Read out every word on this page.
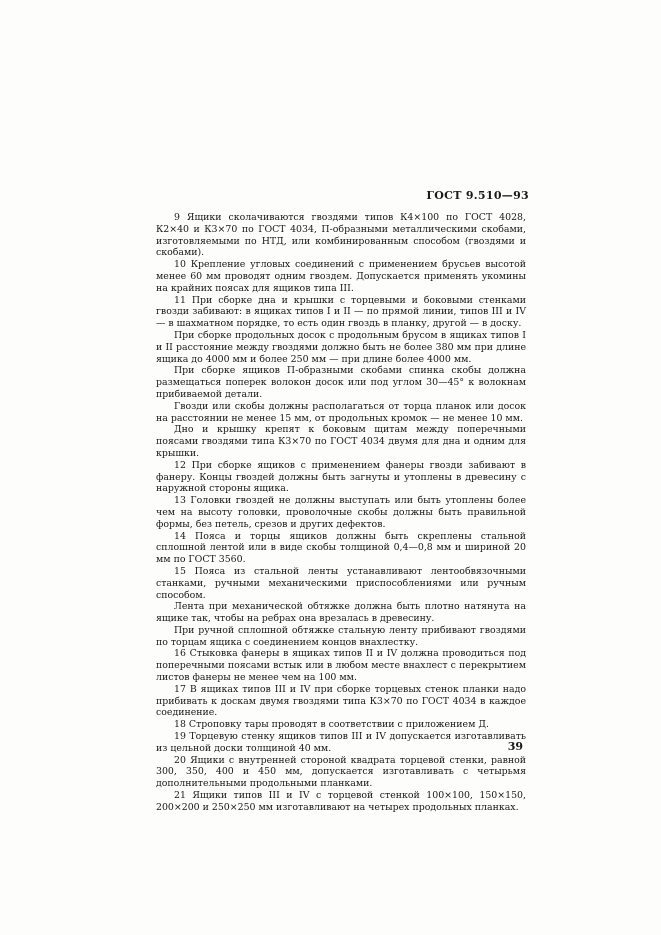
ГОСТ 9.510—93

9 Ящики сколачиваются гвоздями типов К4×100 по ГОСТ 4028, К2×40 и К3×70 по ГОСТ 4034, П-образными металлическими скобами, изготовляемыми по НТД, или комбинированным способом (гвоздями и скобами).

10 Крепление угловых соединений с применением брусьев высотой менее 60 мм проводят одним гвоздем. Допускается применять укомины на крайних поясах для ящиков типа III.

11 При сборке дна и крышки с торцевыми и боковыми стенками гвозди забивают: в ящиках типов I и II — по прямой линии, типов III и IV — в шахматном порядке, то есть один гвоздь в планку, другой — в доску.

При сборке продольных досок с продольным брусом в ящиках типов I и II расстояние между гвоздями должно быть не более 380 мм при длине ящика до 4000 мм и более 250 мм — при длине более 4000 мм.

При сборке ящиков П-образными скобами спинка скобы должна размещаться поперек волокон досок или под углом 30—45° к волокнам прибиваемой детали.

Гвозди или скобы должны располагаться от торца планок или досок на расстоянии не менее 15 мм, от продольных кромок — не менее 10 мм.

Дно и крышку крепят к боковым щитам между поперечными поясами гвоздями типа К3×70 по ГОСТ 4034 двумя для дна и одним для крышки.

12 При сборке ящиков с применением фанеры гвозди забивают в фанеру. Концы гвоздей должны быть загнуты и утоплены в древесину с наружной стороны ящика.

13 Головки гвоздей не должны выступать или быть утоплены более чем на высоту головки, проволочные скобы должны быть правильной формы, без петель, срезов и других дефектов.

14 Пояса и торцы ящиков должны быть скреплены стальной сплошной лентой или в виде скобы толщиной 0,4—0,8 мм и шириной 20 мм по ГОСТ 3560.

15 Пояса из стальной ленты устанавливают лентообвязочными станками, ручными механическими приспособлениями или ручным способом.

Лента при механической обтяжке должна быть плотно натянута на ящике так, чтобы на ребрах она врезалась в древесину.

При ручной сплошной обтяжке стальную ленту прибивают гвоздями по торцам ящика с соединением концов внахлестку.

16 Стыковка фанеры в ящиках типов II и IV должна проводиться под поперечными поясами встык или в любом месте внахлест с перекрытием листов фанеры не менее чем на 100 мм.

17 В ящиках типов III и IV при сборке торцевых стенок планки надо прибивать к доскам двумя гвоздями типа К3×70 по ГОСТ 4034 в каждое соединение.

18 Строповку тары проводят в соответствии с приложением Д.

19 Торцевую стенку ящиков типов III и IV допускается изготавливать из цельной доски толщиной 40 мм.

20 Ящики с внутренней стороной квадрата торцевой стенки, равной 300, 350, 400 и 450 мм, допускается изготавливать с четырьмя дополнительными продольными планками.

21 Ящики типов III и IV с торцевой стенкой 100×100, 150×150, 200×200 и 250×250 мм изготавливают на четырех продольных планках.

39
